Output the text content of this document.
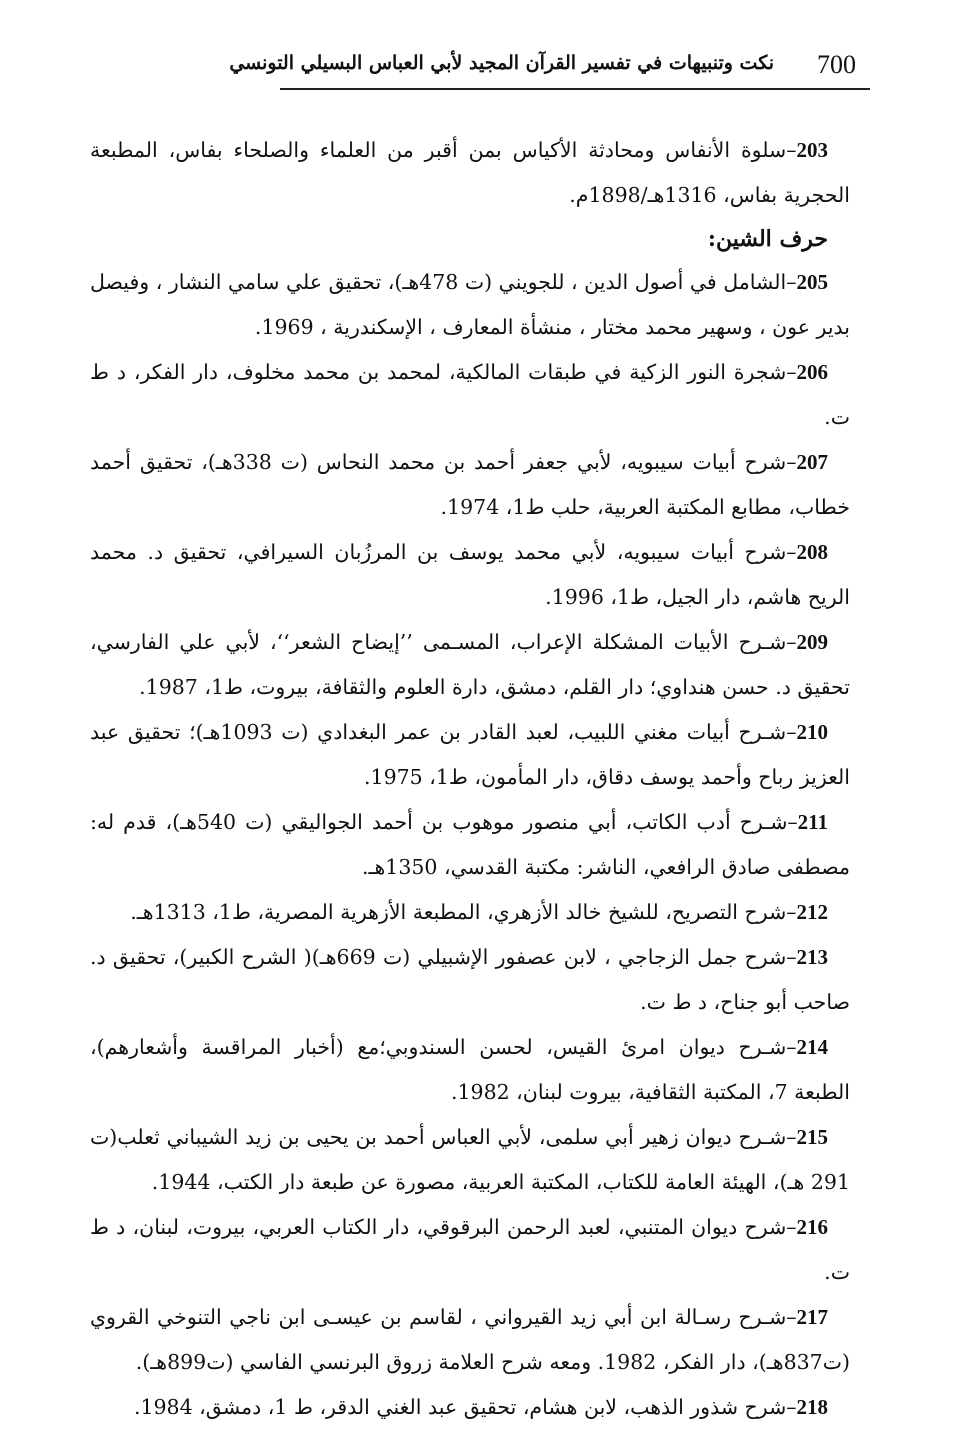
700
نكت وتنبيهات في تفسير القرآن المجيد لأبي العباس البسيلي التونسي

203–سلوة الأنفاس ومحادثة الأكياس بمن أقبر من العلماء والصلحاء بفاس، المطبعة الحجرية بفاس، 1316هـ/1898م.

حرف الشين:

205–الشامل في أصول الدين ، للجويني (ت 478هـ)، تحقيق علي سامي النشار ، وفيصل بدير عون ، وسهير محمد مختار ، منشأة المعارف ، الإسكندرية ، 1969.

206–شجرة النور الزكية في طبقات المالكية، لمحمد بن محمد مخلوف، دار الفكر، د ط ت.

207–شرح أبيات سيبويه، لأبي جعفر أحمد بن محمد النحاس (ت 338هـ)، تحقيق أحمد خطاب، مطابع المكتبة العربية، حلب ط1، 1974.

208–شرح أبيات سيبويه، لأبي محمد يوسف بن المرزُبان السيرافي، تحقيق د. محمد الريح هاشم، دار الجيل، ط1، 1996.

209–شـرح الأبيات المشكلة الإعراب، المسـمى ’’إيضاح الشعر‘‘، لأبي علي الفارسي، تحقيق د. حسن هنداوي؛ دار القلم، دمشق، دارة العلوم والثقافة، بيروت، ط1، 1987.

210–شـرح أبيات مغني اللبيب، لعبد القادر بن عمر البغدادي (ت 1093هـ)؛ تحقيق عبد العزيز رباح وأحمد يوسف دقاق، دار المأمون، ط1، 1975.

211–شـرح أدب الكاتب، أبي منصور موهوب بن أحمد الجواليقي (ت 540هـ)، قدم له: مصطفى صادق الرافعي، الناشر: مكتبة القدسي، 1350هـ.

212–شرح التصريح، للشيخ خالد الأزهري، المطبعة الأزهرية المصرية، ط1، 1313هـ.

213–شرح جمل الزجاجي ، لابن عصفور الإشبيلي (ت 669هـ)( الشرح الكبير)، تحقيق د. صاحب أبو جناح، د ط ت.

214–شـرح ديوان امرئ القيس، لحسن السندوبي؛مع (أخبار المراقسة وأشعارهم)، الطبعة 7، المكتبة الثقافية، بيروت لبنان، 1982.

215–شـرح ديوان زهير أبي سلمى، لأبي العباس أحمد بن يحيى بن زيد الشيباني ثعلب(ت 291 هـ)، الهيئة العامة للكتاب، المكتبة العربية، مصورة عن طبعة دار الكتب، 1944.

216–شرح ديوان المتنبي، لعبد الرحمن البرقوقي، دار الكتاب العربي، بيروت، لبنان، د ط ت.

217–شـرح رسـالة ابن أبي زيد القيرواني ، لقاسم بن عيسـى ابن ناجي التنوخي القروي (ت837هـ)، دار الفكر، 1982. ومعه شرح العلامة زروق البرنسي الفاسي (ت899هـ).

218–شرح شذور الذهب، لابن هشام، تحقيق عبد الغني الدقر، ط 1، دمشق، 1984.
